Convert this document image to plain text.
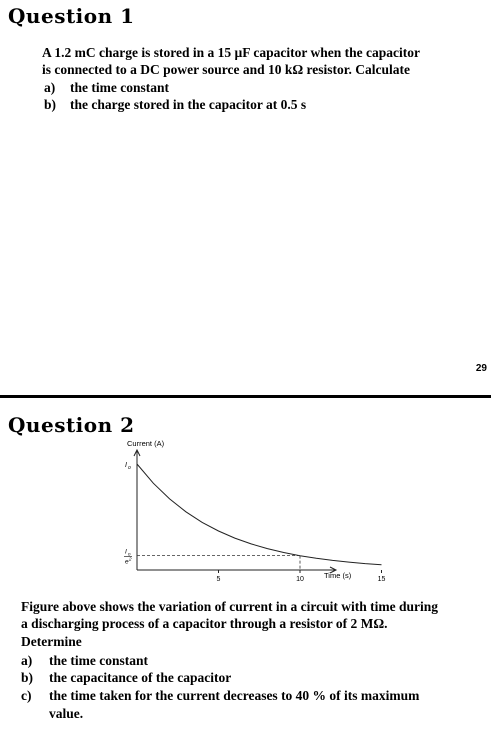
Question 1
A 1.2 mC charge is stored in a 15 µF capacitor when the capacitor
is connected to a DC power source and 10 kΩ resistor. Calculate
a) the time constant
b) the charge stored in the capacitor at 0.5 s
29
Question 2
Current (A)
Time (s)
5	10	15
I o
I o
e 2
Figure above shows the variation of current in a circuit with time during
a discharging process of a capacitor through a resistor of 2 MΩ.
Determine
a) the time constant
b) the capacitance of the capacitor
c) the time taken for the current decreases to 40 % of its maximum
value.
